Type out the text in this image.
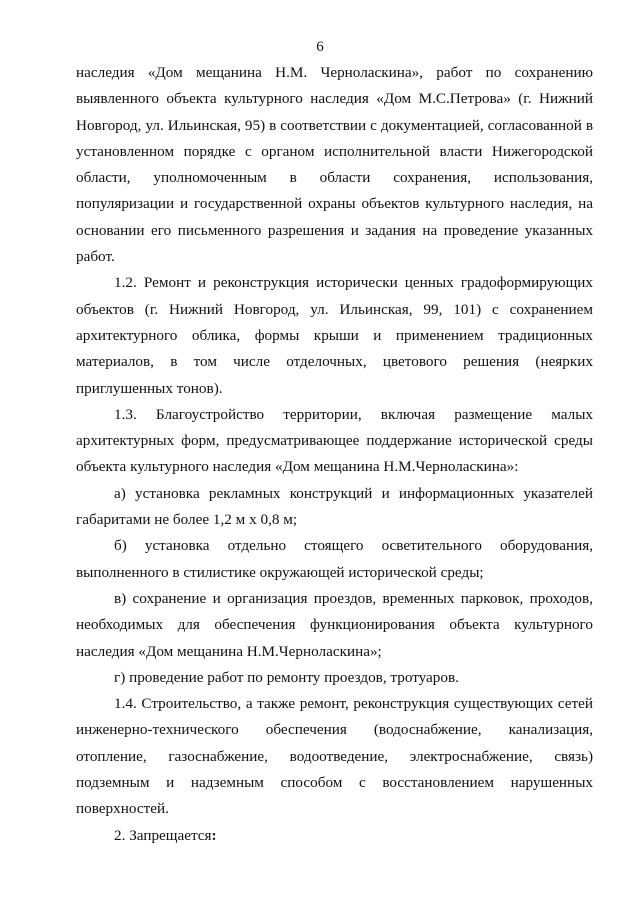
6

наследия «Дом мещанина Н.М. Черноласкина», работ по сохранению выявленного объекта культурного наследия «Дом М.С.Петрова» (г. Нижний Новгород, ул. Ильинская, 95) в соответствии с документацией, согласованной в установленном порядке с органом исполнительной власти Нижегородской области, уполномоченным в области сохранения, использования, популяризации и государственной охраны объектов культурного наследия, на основании его письменного разрешения и задания на проведение указанных работ.

1.2. Ремонт и реконструкция исторически ценных градоформирующих объектов (г. Нижний Новгород, ул. Ильинская, 99, 101) с сохранением архитектурного облика, формы крыши и применением традиционных материалов, в том числе отделочных, цветового решения (неярких приглушенных тонов).

1.3. Благоустройство территории, включая размещение малых архитектурных форм, предусматривающее поддержание исторической среды объекта культурного наследия «Дом мещанина Н.М.Черноласкина»:

а) установка рекламных конструкций и информационных указателей габаритами не более 1,2 м х 0,8 м;

б) установка отдельно стоящего осветительного оборудования, выполненного в стилистике окружающей исторической среды;

в) сохранение и организация проездов, временных парковок, проходов, необходимых для обеспечения функционирования объекта культурного наследия «Дом мещанина Н.М.Черноласкина»;

г) проведение работ по ремонту проездов, тротуаров.

1.4. Строительство, а также ремонт, реконструкция существующих сетей инженерно-технического обеспечения (водоснабжение, канализация, отопление, газоснабжение, водоотведение, электроснабжение, связь) подземным и надземным способом с восстановлением нарушенных поверхностей.

2. Запрещается:
